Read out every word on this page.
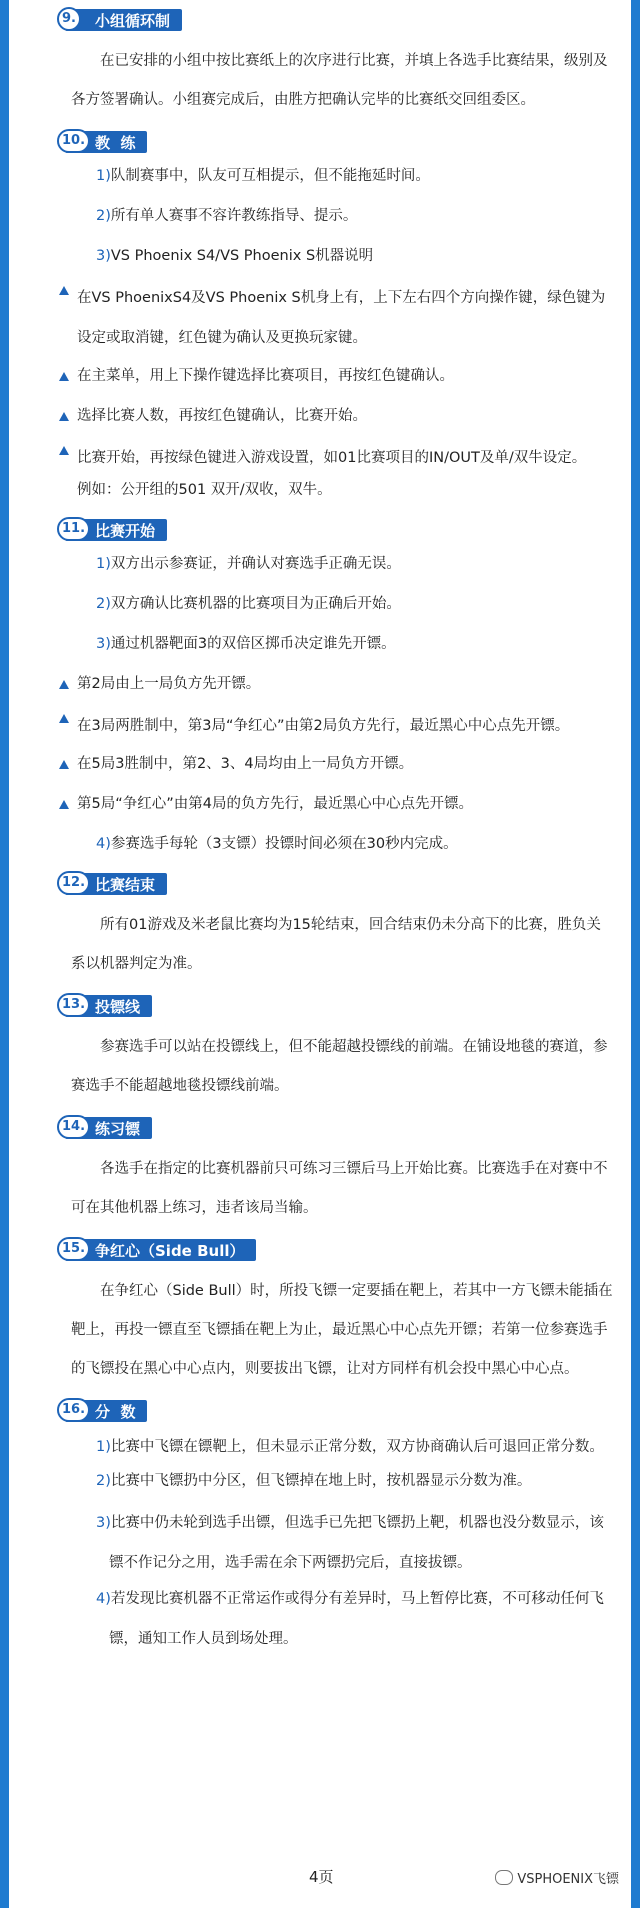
9.	小组循环制

在已安排的小组中按比赛纸上的次序进行比赛，并填上各选手比赛结果，级别及各方签署确认。小组赛完成后，由胜方把确认完毕的比赛纸交回组委区。

10. 教  练
1)队制赛事中，队友可互相提示，但不能拖延时间。
2)所有单人赛事不容许教练指导、提示。
3)VS Phoenix S4/VS Phoenix S机器说明
在VS PhoenixS4及VS Phoenix S机身上有，上下左右四个方向操作键，绿色键为设定或取消键，红色键为确认及更换玩家键。
在主菜单，用上下操作键选择比赛项目，再按红色键确认。
选择比赛人数，再按红色键确认，比赛开始。
比赛开始，再按绿色键进入游戏设置，如01比赛项目的IN/OUT及单/双牛设定。
例如：公开组的501 双开/双收，双牛。
11. 比赛开始
1)双方出示参赛证，并确认对赛选手正确无误。
2)双方确认比赛机器的比赛项目为正确后开始。
3)通过机器靶面3的双倍区掷币决定谁先开镖。
第2局由上一局负方先开镖。
在3局两胜制中，第3局“争红心”由第2局负方先行，最近黑心中心点先开镖。
在5局3胜制中，第2、3、4局均由上一局负方开镖。
第5局“争红心”由第4局的负方先行，最近黑心中心点先开镖。
4)参赛选手每轮（3支镖）投镖时间必须在30秒内完成。
12. 比赛结束

所有01游戏及米老鼠比赛均为15轮结束，回合结束仍未分高下的比赛，胜负关系以机器判定为准。

13. 投镖线

参赛选手可以站在投镖线上，但不能超越投镖线的前端。在铺设地毯的赛道，参赛选手不能超越地毯投镖线前端。

14. 练习镖

各选手在指定的比赛机器前只可练习三镖后马上开始比赛。比赛选手在对赛中不可在其他机器上练习，违者该局当输。

15. 争红心（Side Bull）

在争红心（Side Bull）时，所投飞镖一定要插在靶上，若其中一方飞镖未能插在靶上，再投一镖直至飞镖插在靶上为止，最近黑心中心点先开镖；若第一位参赛选手的飞镖投在黑心中心点内，则要拔出飞镖，让对方同样有机会投中黑心中心点。

16. 分  数
1)比赛中飞镖在镖靶上，但未显示正常分数，双方协商确认后可退回正常分数。
2)比赛中飞镖扔中分区，但飞镖掉在地上时，按机器显示分数为准。
3)比赛中仍未轮到选手出镖，但选手已先把飞镖扔上靶，机器也没分数显示，该镖不作记分之用，选手需在余下两镖扔完后，直接拔镖。
4)若发现比赛机器不正常运作或得分有差异时，马上暂停比赛，不可移动任何飞镖，通知工作人员到场处理。
4页	VSPHOENIX飞镖
